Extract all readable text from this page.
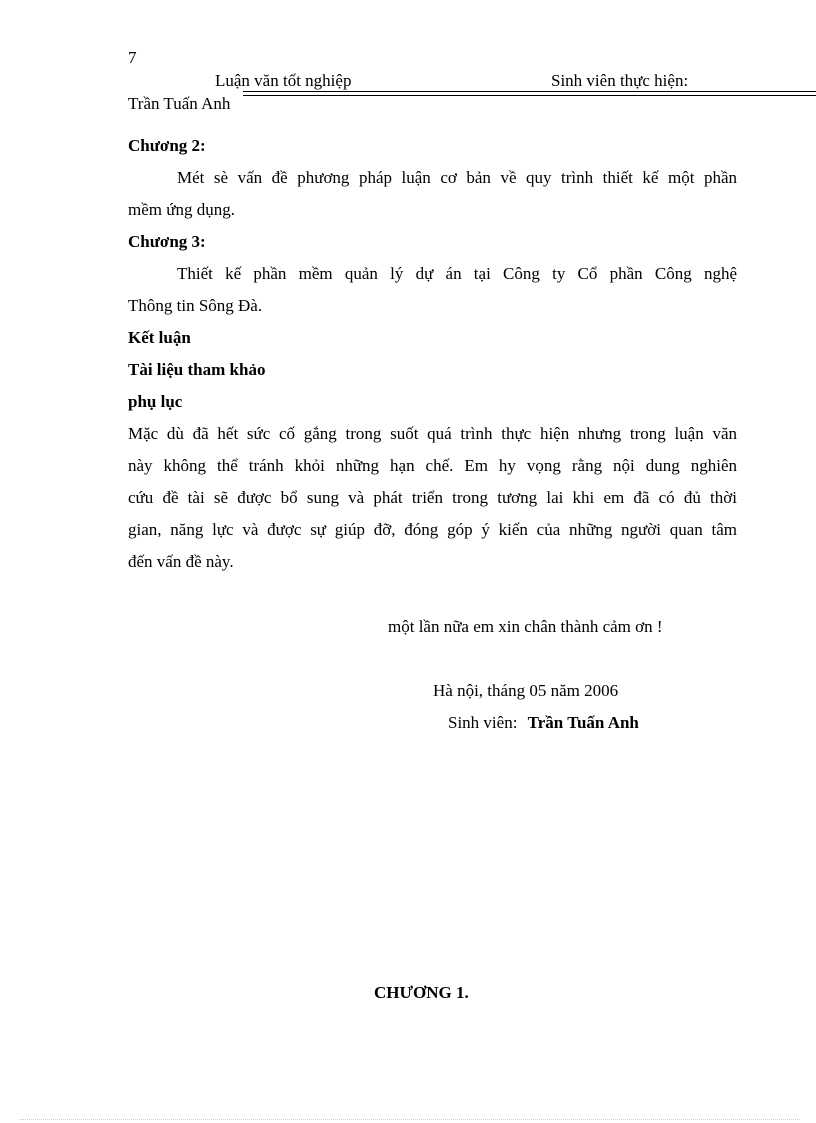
7
Luận văn tốt nghiệp	Sinh viên thực hiện:
Trần Tuấn Anh
Chương 2:
Mét sè vấn đề phương pháp luận cơ bản về quy trình thiết kế một phần
mềm ứng dụng.
Chương 3:
Thiết kế phần mềm quản lý dự án tại Công ty Cổ phần Công nghệ
Thông tin Sông Đà.
Kết luận
Tài liệu tham khảo
phụ lục
Mặc dù đã hết sức cố gắng trong suốt quá trình thực hiện nhưng trong luận văn
này không thể tránh khỏi những hạn chế. Em hy vọng rằng nội dung nghiên
cứu đề tài sẽ được bổ sung và phát triển trong tương lai khi em đã có đủ thời
gian, năng lực và được sự giúp đỡ, đóng góp ý kiến của những người quan tâm
đến vấn đề này.
một lần nữa em xin chân thành cảm ơn !
Hà nội, tháng 05 năm 2006
Sinh viên: Trần Tuấn Anh
CHƯƠNG 1.
